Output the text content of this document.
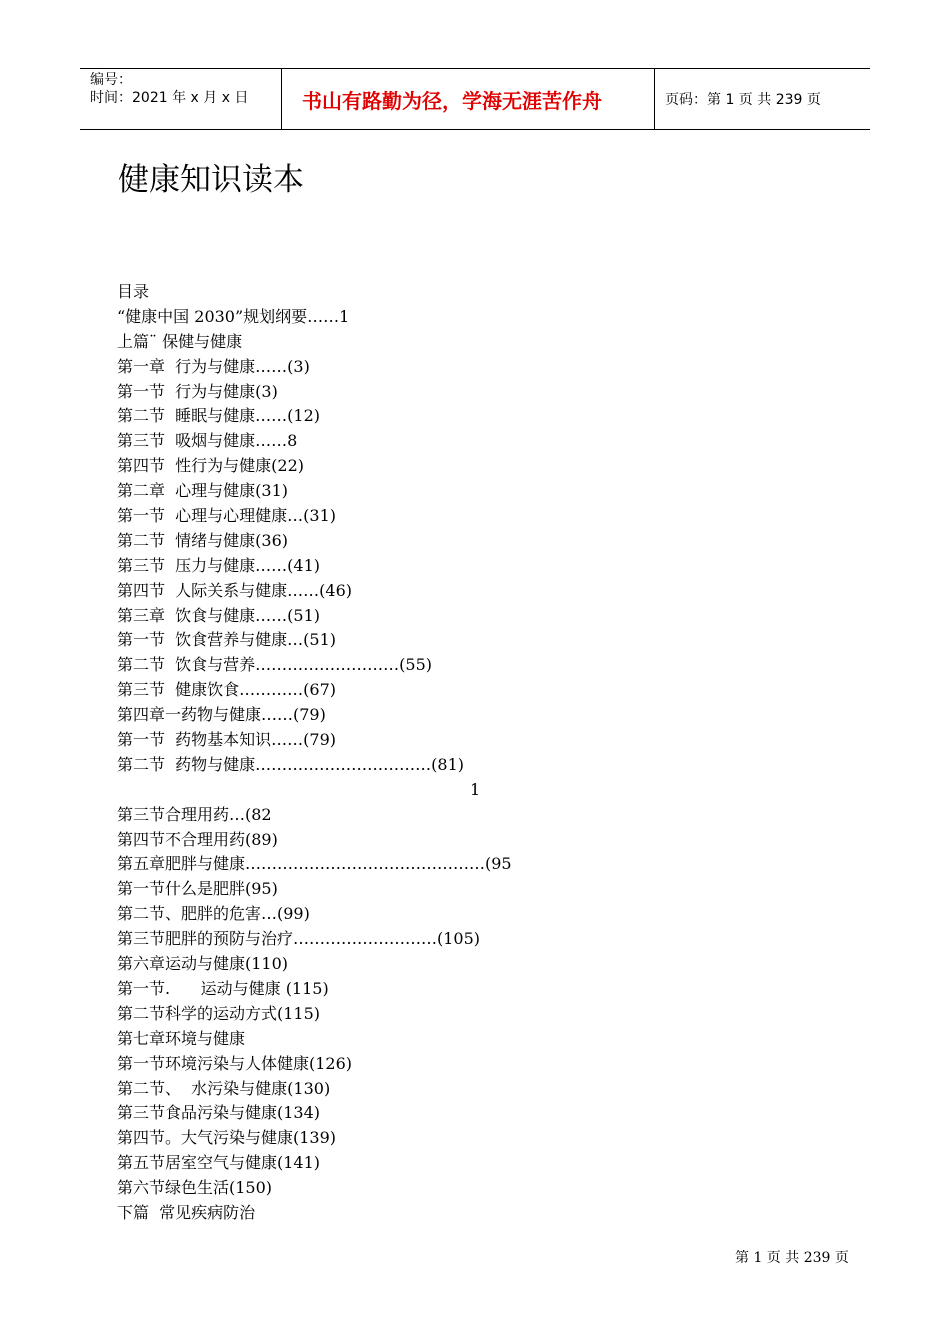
编号：
时间：2021 年 x 月 x 日	书山有路勤为径，学海无涯苦作舟	页码：第 1 页 共 239 页
健康知识读本
目录
“健康中国 2030”规划纲要……1
上篇¨ 保健与健康
第一章  行为与健康……(3)
第一节  行为与健康(3)
第二节  睡眠与健康……(12)
第三节  吸烟与健康……8
第四节  性行为与健康(22)
第二章  心理与健康(31)
第一节  心理与心理健康…(31)
第二节  情绪与健康(36)
第三节  压力与健康……(41)
第四节  人际关系与健康……(46)
第三章  饮食与健康……(51)
第一节  饮食营养与健康…(51)
第二节  饮食与营养………………………(55)
第三节  健康饮食…………(67)
第四章一药物与健康……(79)
第一节  药物基本知识……(79)
第二节  药物与健康……………………………(81)
1
第三节合理用药…(82
第四节不合理用药(89)
第五章肥胖与健康………………………………………(95
第一节什么是肥胖(95)
第二节、肥胖的危害…(99)
第三节肥胖的预防与治疗………………………(105)
第六章运动与健康(110)
第一节.      运动与健康 (115)
第二节科学的运动方式(115)
第七章环境与健康
第一节环境污染与人体健康(126)
第二节、  水污染与健康(130)
第三节食品污染与健康(134)
第四节。大气污染与健康(139)
第五节居室空气与健康(141)
第六节绿色生活(150)
下篇  常见疾病防治
第 1 页 共 239 页
